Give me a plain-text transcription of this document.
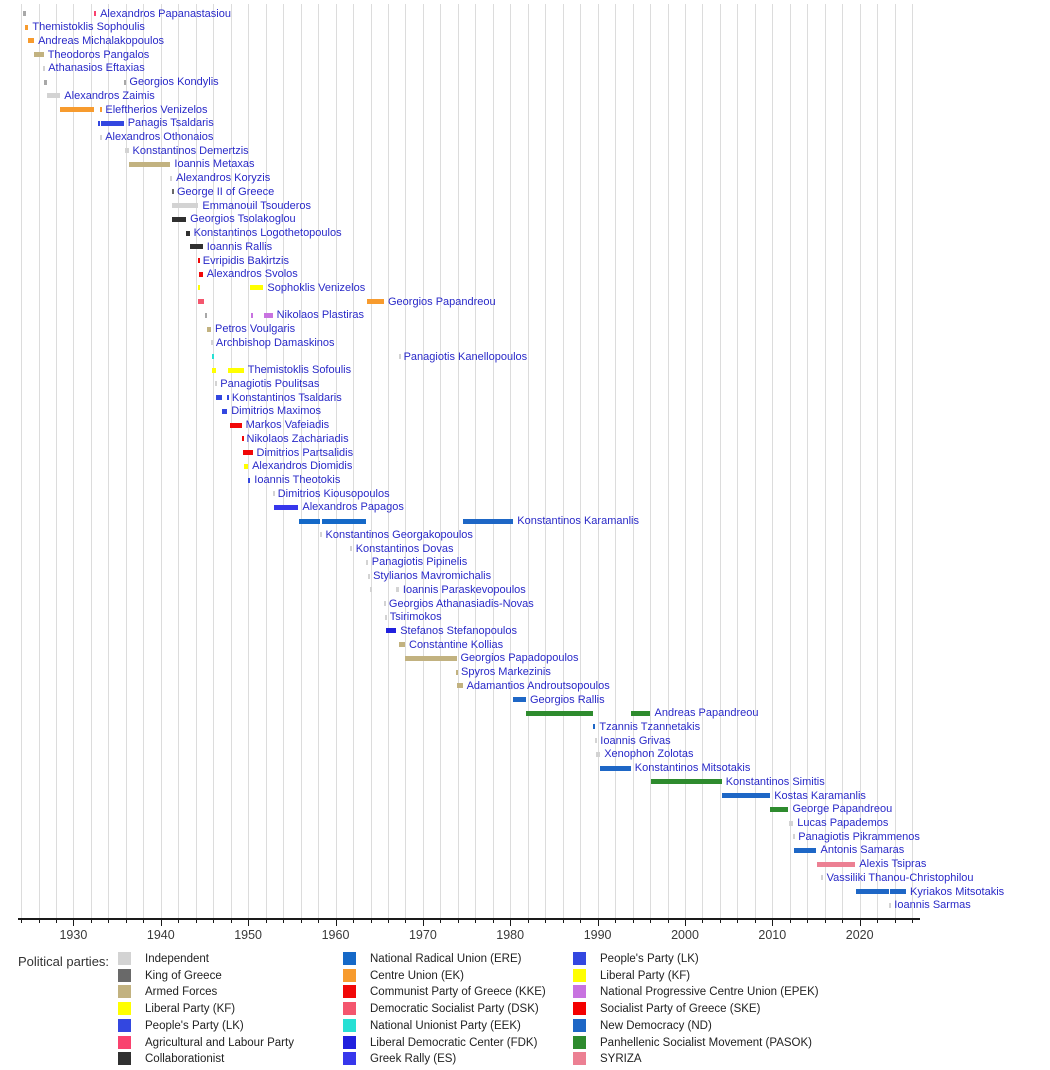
Alexandros Papanastasiou
Themistoklis Sophoulis
Andreas Michalakopoulos
Theodoros Pangalos
Athanasios Eftaxias
Georgios Kondylis
Alexandros Zaimis
Eleftherios Venizelos
Panagis Tsaldaris
Alexandros Othonaios
Konstantinos Demertzis
Ioannis Metaxas
Alexandros Koryzis
George II of Greece
Emmanouil Tsouderos
Georgios Tsolakoglou
Konstantinos Logothetopoulos
Ioannis Rallis
Evripidis Bakirtzis
Alexandros Svolos
Sophoklis Venizelos
Georgios Papandreou
Nikolaos Plastiras
Petros Voulgaris
Archbishop Damaskinos
Panagiotis Kanellopoulos
Themistoklis Sofoulis
Panagiotis Poulitsas
Konstantinos Tsaldaris
Dimitrios Maximos
Markos Vafeiadis
Nikolaos Zachariadis
Dimitrios Partsalidis
Alexandros Diomidis
Ioannis Theotokis
Dimitrios Kiousopoulos
Alexandros Papagos
Konstantinos Karamanlis
Konstantinos Georgakopoulos
Konstantinos Dovas
Panagiotis Pipinelis
Stylianos Mavromichalis
Ioannis Paraskevopoulos
Georgios Athanasiadis-Novas
Tsirimokos
Stefanos Stefanopoulos
Constantine Kollias
Georgios Papadopoulos
Spyros Markezinis
Adamantios Androutsopoulos
Georgios Rallis
Andreas Papandreou
Tzannis Tzannetakis
Ioannis Grivas
Xenophon Zolotas
Konstantinos Mitsotakis
Konstantinos Simitis
Kostas Karamanlis
George Papandreou
Lucas Papademos
Panagiotis Pikrammenos
Antonis Samaras
Alexis Tsipras
Vassiliki Thanou-Christophilou
Kyriakos Mitsotakis
Ioannis Sarmas
1930	1940	1950	1960	1970	1980	1990	2000	2010	2020
Political parties:	Independent
King of Greece
Armed Forces
Liberal Party (KF)
People's Party (LK)
Agricultural and Labour Party
Collaborationist
National Radical Union (ERE)
Centre Union (EK)
Communist Party of Greece (KKE)
Democratic Socialist Party (DSK)
National Unionist Party (EEK)
Liberal Democratic Center (FDK)
Greek Rally (ES)
People's Party (LK)
Liberal Party (KF)
National Progressive Centre Union (EPEK)
Socialist Party of Greece (SKE)
New Democracy (ND)
Panhellenic Socialist Movement (PASOK)
SYRIZA
